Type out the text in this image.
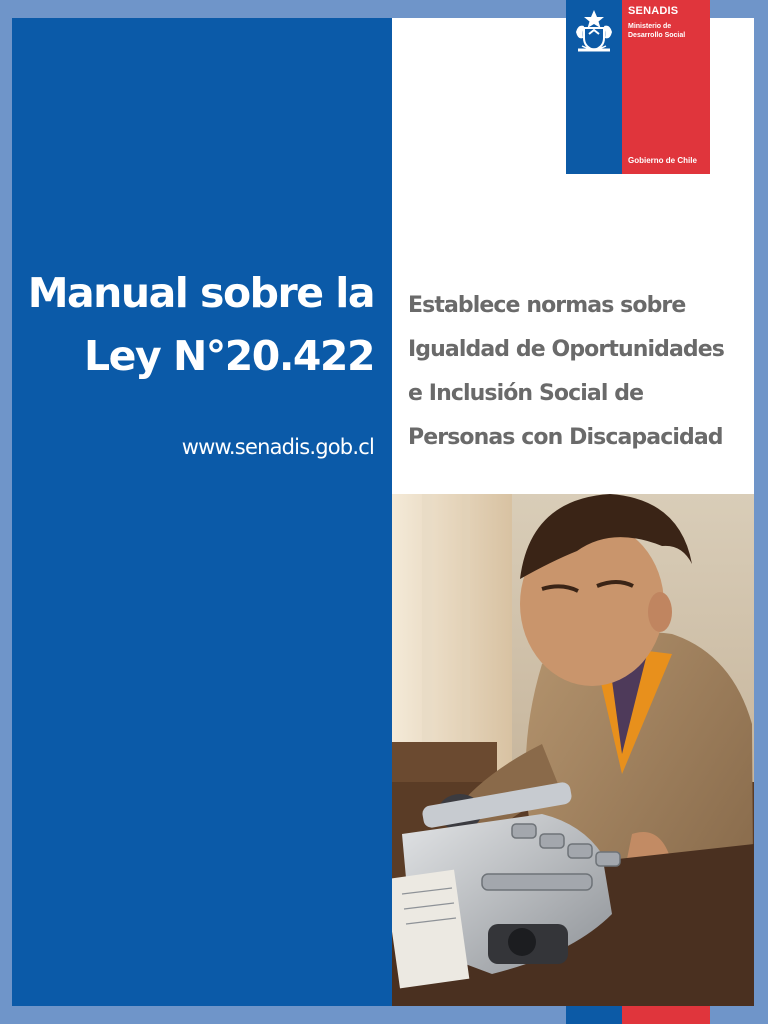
Manual sobre la
Ley N°20.422
www.senadis.gob.cl
Establece normas sobre
Igualdad de Oportunidades
e Inclusión Social de
Personas con Discapacidad
SENADIS
Ministerio de
Desarrollo Social
Gobierno de Chile
